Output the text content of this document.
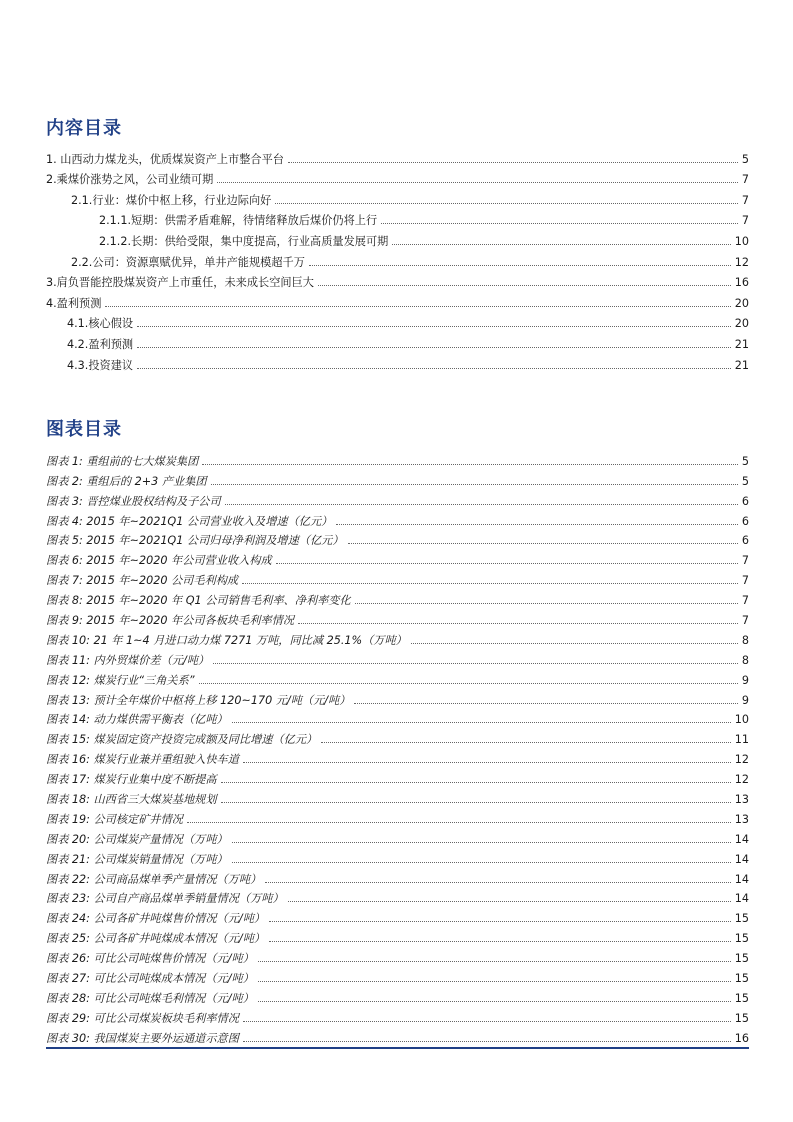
内容目录
1. 山西动力煤龙头，优质煤炭资产上市整合平台	5
2.乘煤价涨势之风，公司业绩可期	7
2.1.行业：煤价中枢上移，行业边际向好	7
2.1.1.短期：供需矛盾难解，待情绪释放后煤价仍将上行	7
2.1.2.长期：供给受限，集中度提高，行业高质量发展可期	10
2.2.公司：资源禀赋优异，单井产能规模超千万	12
3.肩负晋能控股煤炭资产上市重任，未来成长空间巨大	16
4.盈利预测	20
4.1.核心假设	20
4.2.盈利预测	21
4.3.投资建议	21
图表目录
图表 1: 重组前的七大煤炭集团	5
图表 2: 重组后的 2+3 产业集团	5
图表 3: 晋控煤业股权结构及子公司	6
图表 4: 2015 年~2021Q1 公司营业收入及增速（亿元）	6
图表 5: 2015 年~2021Q1 公司归母净利润及增速（亿元）	6
图表 6: 2015 年~2020 年公司营业收入构成	7
图表 7: 2015 年~2020 公司毛利构成	7
图表 8: 2015 年~2020 年 Q1 公司销售毛利率、净利率变化	7
图表 9: 2015 年~2020 年公司各板块毛利率情况	7
图表 10: 21 年 1~4 月进口动力煤 7271 万吨，同比减 25.1%（万吨）	8
图表 11: 内外贸煤价差（元/吨）	8
图表 12: 煤炭行业“三角关系”	9
图表 13: 预计全年煤价中枢将上移 120~170 元/吨（元/吨）	9
图表 14: 动力煤供需平衡表（亿吨）	10
图表 15: 煤炭固定资产投资完成额及同比增速（亿元）	11
图表 16: 煤炭行业兼并重组驶入快车道	12
图表 17: 煤炭行业集中度不断提高	12
图表 18: 山西省三大煤炭基地规划	13
图表 19: 公司核定矿井情况	13
图表 20: 公司煤炭产量情况（万吨）	14
图表 21: 公司煤炭销量情况（万吨）	14
图表 22: 公司商品煤单季产量情况（万吨）	14
图表 23: 公司自产商品煤单季销量情况（万吨）	14
图表 24: 公司各矿井吨煤售价情况（元/吨）	15
图表 25: 公司各矿井吨煤成本情况（元/吨）	15
图表 26: 可比公司吨煤售价情况（元/吨）	15
图表 27: 可比公司吨煤成本情况（元/吨）	15
图表 28: 可比公司吨煤毛利情况（元/吨）	15
图表 29: 可比公司煤炭板块毛利率情况	15
图表 30: 我国煤炭主要外运通道示意图	16
